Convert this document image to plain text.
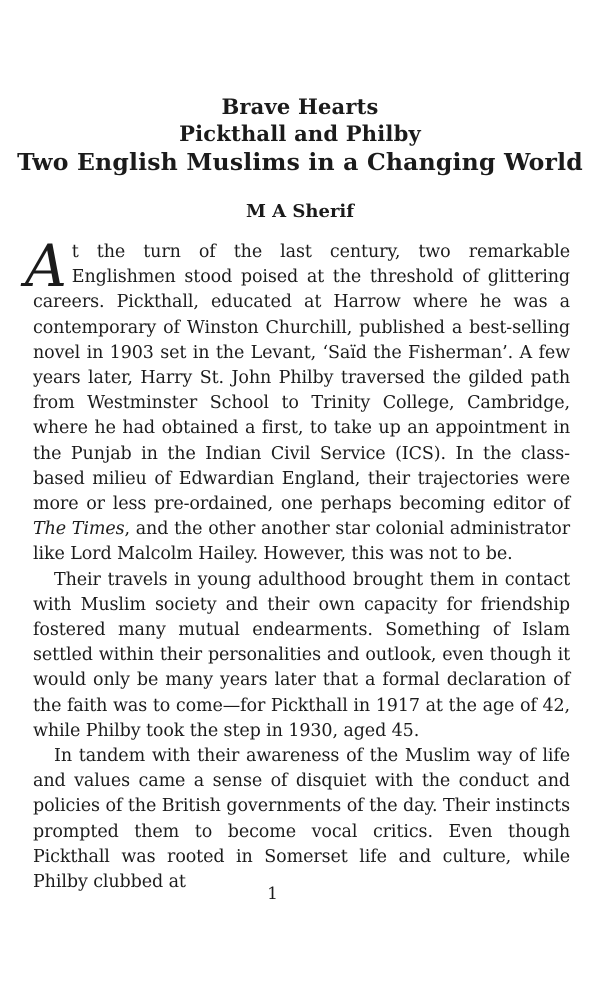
Brave Hearts
Pickthall and Philby
Two English Muslims in a Changing World
M A Sherif

At the turn of the last century, two remarkable Englishmen stood poised at the threshold of glittering careers. Pickthall, educated at Harrow where he was a contemporary of Winston Churchill, published a best-selling novel in 1903 set in the Levant, ‘Saïd the Fisherman’. A few years later, Harry St. John Philby traversed the gilded path from Westminster School to Trinity College, Cambridge, where he had obtained a first, to take up an appointment in the Punjab in the Indian Civil Service (ICS). In the class-based milieu of Edwardian England, their trajectories were more or less pre-ordained, one perhaps becoming editor of The Times, and the other another star colonial administrator like Lord Malcolm Hailey. However, this was not to be.

Their travels in young adulthood brought them in contact with Muslim society and their own capacity for friendship fostered many mutual endearments. Something of Islam settled within their personalities and outlook, even though it would only be many years later that a formal declaration of the faith was to come—for Pickthall in 1917 at the age of 42, while Philby took the step in 1930, aged 45.

In tandem with their awareness of the Muslim way of life and values came a sense of disquiet with the conduct and policies of the British governments of the day. Their instincts prompted them to become vocal critics. Even though Pickthall was rooted in Somerset life and culture, while Philby clubbed at

1
